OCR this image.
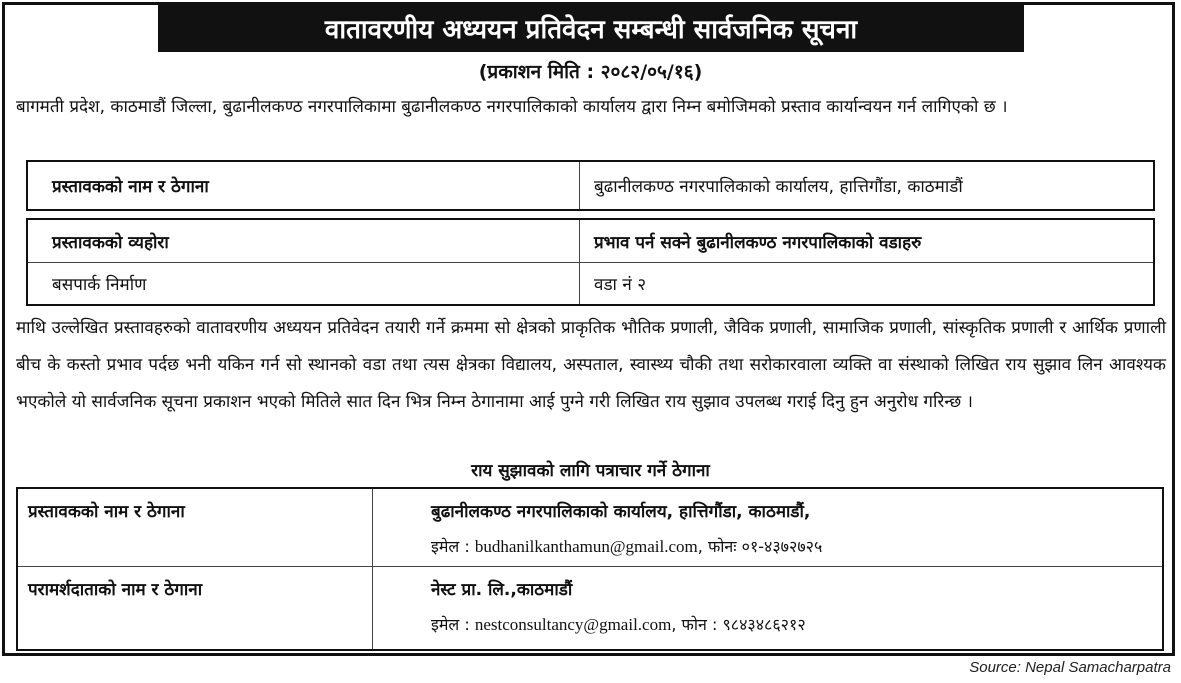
वातावरणीय अध्ययन प्रतिवेदन सम्बन्धी सार्वजनिक सूचना
(प्रकाशन मिति : २०८२/०५/१६)
बागमती प्रदेश, काठमाडौं जिल्ला, बुढानीलकण्ठ नगरपालिकामा बुढानीलकण्ठ नगरपालिकाको कार्यालय द्वारा निम्न बमोजिमको प्रस्ताव कार्यान्वयन गर्न लागिएको छ ।
प्रस्तावकको नाम र ठेगाना	बुढानीलकण्ठ नगरपालिकाको कार्यालय, हात्तिगौंडा, काठमाडौं
प्रस्तावकको व्यहोरा	प्रभाव पर्न सक्ने बुढानीलकण्ठ नगरपालिकाको वडाहरु
बसपार्क निर्माण	वडा नं २
माथि उल्लेखित प्रस्तावहरुको वातावरणीय अध्ययन प्रतिवेदन तयारी गर्ने क्रममा सो क्षेत्रको प्राकृतिक भौतिक प्रणाली, जैविक प्रणाली, सामाजिक प्रणाली, सांस्कृतिक प्रणाली र आर्थिक प्रणाली बीच के कस्तो प्रभाव पर्दछ भनी यकिन गर्न सो स्थानको वडा तथा त्यस क्षेत्रका विद्यालय, अस्पताल, स्वास्थ्य चौकी तथा सरोकारवाला व्यक्ति वा संस्थाको लिखित राय सुझाव लिन आवश्यक भएकोले यो सार्वजनिक सूचना प्रकाशन भएको मितिले सात दिन भित्र निम्न ठेगानामा आई पुग्ने गरी लिखित राय सुझाव उपलब्ध गराई दिनु हुन अनुरोध गरिन्छ ।
राय सुझावको लागि पत्राचार गर्ने ठेगाना
प्रस्तावकको नाम र ठेगाना	बुढानीलकण्ठ नगरपालिकाको कार्यालय, हात्तिगौंडा, काठमाडौं,
इमेल : budhanilkanthamun@gmail.com, फोनः ०१-४३७२७२५
परामर्शदाताको नाम र ठेगाना	नेस्ट प्रा. लि.,काठमाडौं
इमेल : nestconsultancy@gmail.com, फोन : ९८४३४८६२१२
Source: Nepal Samacharpatra
